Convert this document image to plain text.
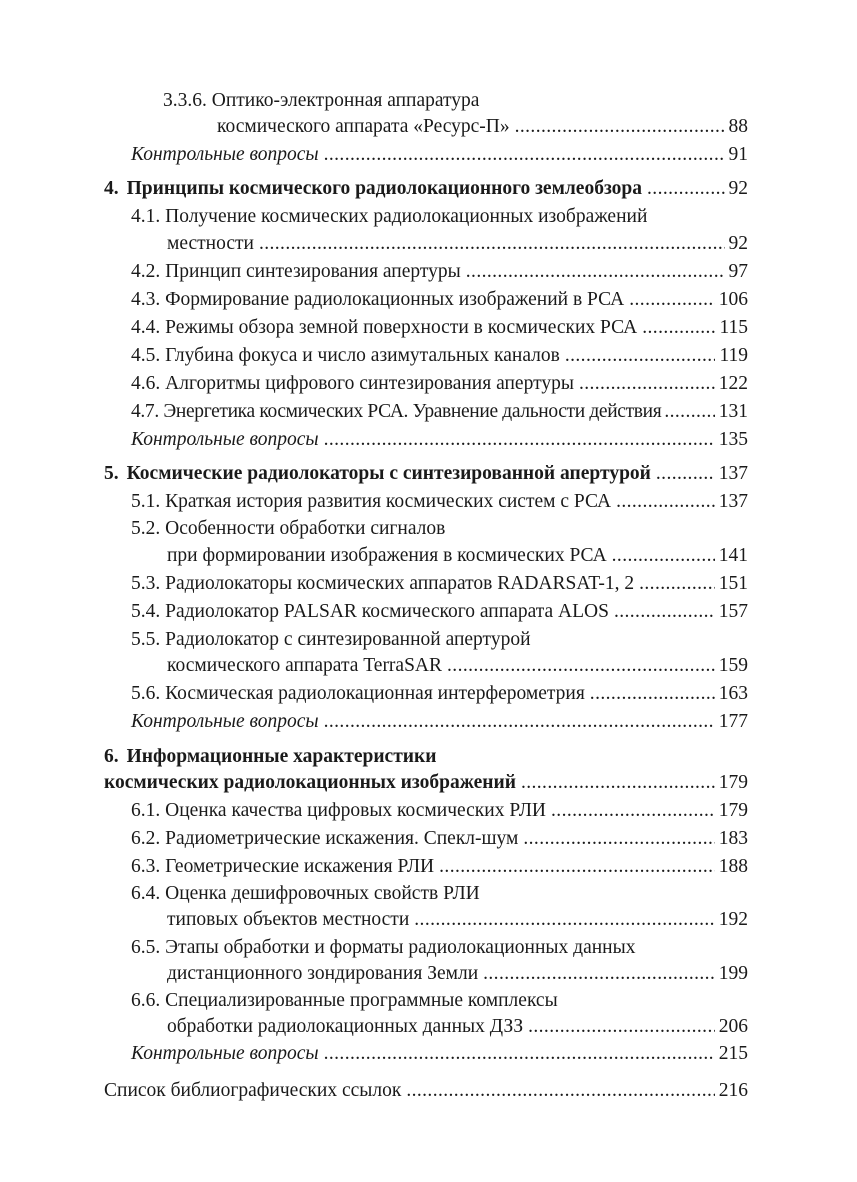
3.3.6. Оптико-электронная аппаратура
космического аппарата «Ресурс-П» .....	88
Контрольные вопросы .....	91
4. Принципы космического радиолокационного землеобзора .....	92
4.1. Получение космических радиолокационных изображений
местности .....	92
4.2. Принцип синтезирования апертуры .....	97
4.3. Формирование радиолокационных изображений в РСА .....	106
4.4. Режимы обзора земной поверхности в космических РСА .....	115
4.5. Глубина фокуса и число азимутальных каналов .....	119
4.6. Алгоритмы цифрового синтезирования апертуры .....	122
4.7. Энергетика космических РСА. Уравнение дальности действия .....	131
Контрольные вопросы .....	135
5. Космические радиолокаторы с синтезированной апертурой .....	137
5.1. Краткая история развития космических систем с РСА .....	137
5.2. Особенности обработки сигналов
при формировании изображения в космических РСА .....	141
5.3. Радиолокаторы космических аппаратов RADARSAT-1, 2 .....	151
5.4. Радиолокатор PALSAR космического аппарата ALOS .....	157
5.5. Радиолокатор с синтезированной апертурой
космического аппарата TerraSAR .....	159
5.6. Космическая радиолокационная интерферометрия .....	163
Контрольные вопросы .....	177
6. Информационные характеристики
космических радиолокационных изображений .....	179
6.1. Оценка качества цифровых космических РЛИ .....	179
6.2. Радиометрические искажения. Спекл-шум .....	183
6.3. Геометрические искажения РЛИ .....	188
6.4. Оценка дешифровочных свойств РЛИ
типовых объектов местности .....	192
6.5. Этапы обработки и форматы радиолокационных данных
дистанционного зондирования Земли .....	199
6.6. Специализированные программные комплексы
обработки радиолокационных данных ДЗЗ .....	206
Контрольные вопросы .....	215
Список библиографических ссылок .....	216
